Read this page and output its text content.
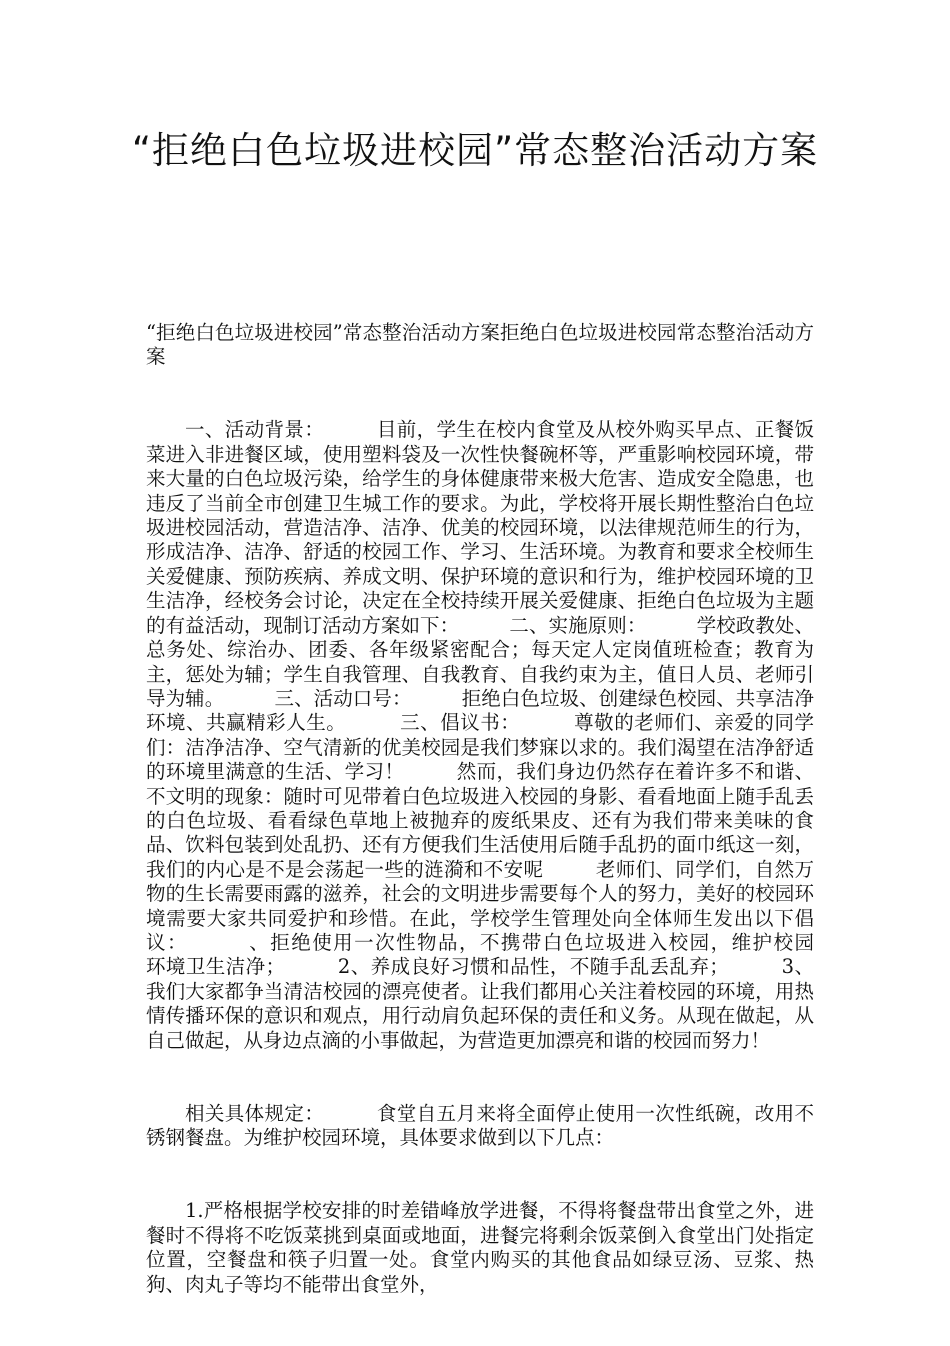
“拒绝白色垃圾进校园”常态整治活动方案

“拒绝白色垃圾进校园”常态整治活动方案拒绝白色垃圾进校园常态整治活动方案

一、活动背景：        目前，学生在校内食堂及从校外购买早点、正餐饭菜进入非进餐区域，使用塑料袋及一次性快餐碗杯等，严重影响校园环境，带来大量的白色垃圾污染，给学生的身体健康带来极大危害、造成安全隐患，也违反了当前全市创建卫生城工作的要求。为此，学校将开展长期性整治白色垃圾进校园活动，营造洁净、洁净、优美的校园环境，以法律规范师生的行为，形成洁净、洁净、舒适的校园工作、学习、生活环境。为教育和要求全校师生关爱健康、预防疾病、养成文明、保护环境的意识和行为，维护校园环境的卫生洁净，经校务会讨论，决定在全校持续开展关爱健康、拒绝白色垃圾为主题的有益活动，现制订活动方案如下：        二、实施原则：        学校政教处、总务处、综治办、团委、各年级紧密配合；每天定人定岗值班检查；教育为主，惩处为辅；学生自我管理、自我教育、自我约束为主，值日人员、老师引导为辅。        三、活动口号：        拒绝白色垃圾、创建绿色校园、共享洁净环境、共赢精彩人生。        三、倡议书：        尊敬的老师们、亲爱的同学们：洁净洁净、空气清新的优美校园是我们梦寐以求的。我们渴望在洁净舒适的环境里满意的生活、学习！        然而，我们身边仍然存在着许多不和谐、不文明的现象：随时可见带着白色垃圾进入校园的身影、看看地面上随手乱丢的白色垃圾、看看绿色草地上被抛弃的废纸果皮、还有为我们带来美味的食品、饮料包装到处乱扔、还有方便我们生活使用后随手乱扔的面巾纸这一刻，我们的内心是不是会荡起一些的涟漪和不安呢        老师们、同学们，自然万物的生长需要雨露的滋养，社会的文明进步需要每个人的努力，美好的校园环境需要大家共同爱护和珍惜。在此，学校学生管理处向全体师生发出以下倡议：        、拒绝使用一次性物品，不携带白色垃圾进入校园，维护校园        环境卫生洁净；        2、养成良好习惯和品性，不随手乱丢乱弃；        3、我们大家都争当清洁校园的漂亮使者。让我们都用心关注着校园的环境，用热情传播环保的意识和观点，用行动肩负起环保的责任和义务。从现在做起，从自己做起，从身边点滴的小事做起，为营造更加漂亮和谐的校园而努力！

相关具体规定：        食堂自五月来将全面停止使用一次性纸碗，改用不锈钢餐盘。为维护校园环境，具体要求做到以下几点：

1.严格根据学校安排的时差错峰放学进餐，不得将餐盘带出食堂之外，进餐时不得将不吃饭菜挑到桌面或地面，进餐完将剩余饭菜倒入食堂出门处指定位置，空餐盘和筷子归置一处。食堂内购买的其他食品如绿豆汤、豆浆、热狗、肉丸子等均不能带出食堂外，
